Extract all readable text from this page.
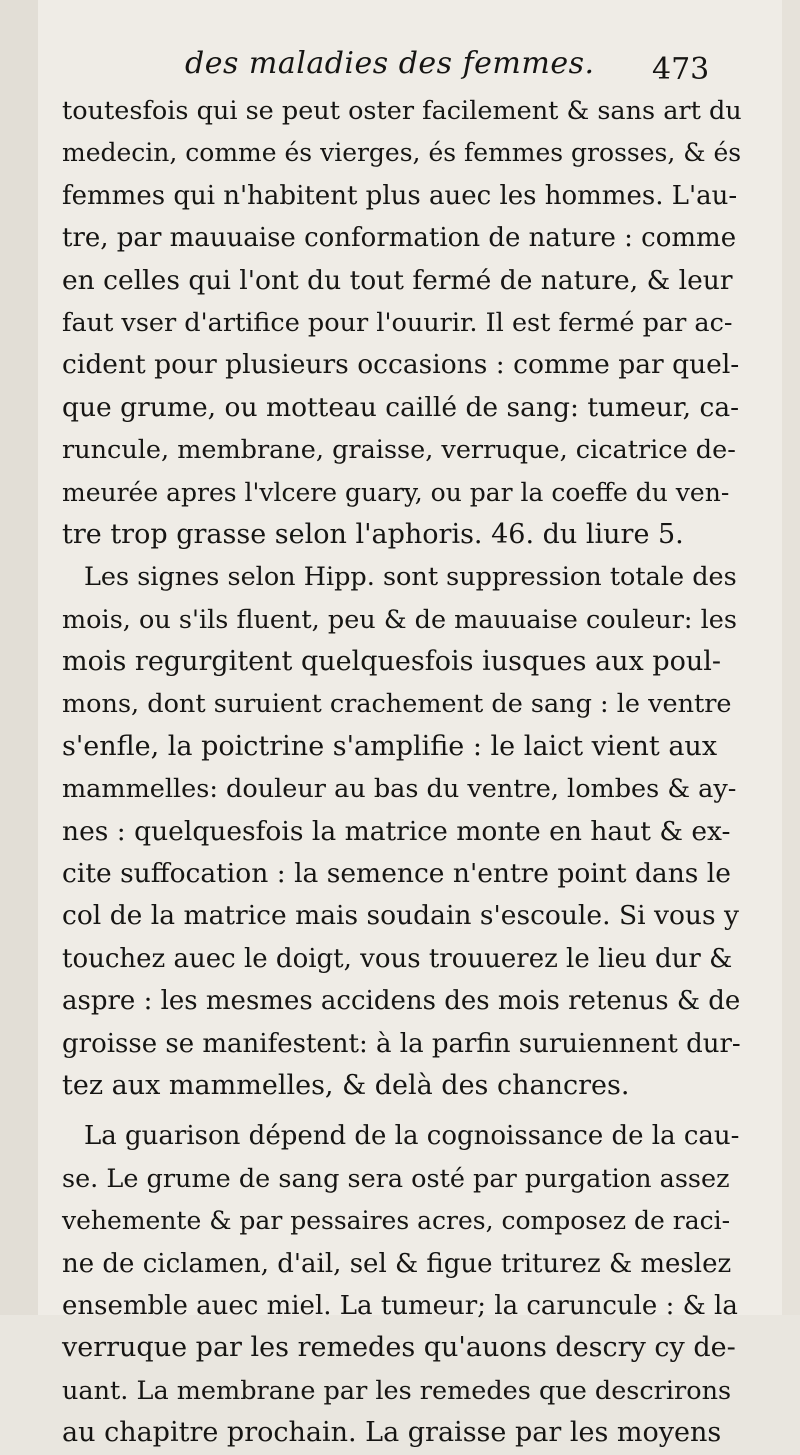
des maladies des femmes. 473
toutesfois qui se peut oster facilement & sans art du
medecin, comme és vierges, és femmes grosses, & és
femmes qui n'habitent plus auec les hommes. L'au-
tre, par mauuaise conformation de nature : comme
en celles qui l'ont du tout fermé de nature, & leur
faut vser d'artifice pour l'ouurir. Il est fermé par ac-
cident pour plusieurs occasions : comme par quel-
que grume, ou motteau caillé de sang: tumeur, ca-
runcule, membrane, graisse, verruque, cicatrice de-
meurée apres l'vlcere guary, ou par la coeffe du ven-
tre trop grasse selon l'aphoris. 46. du liure 5.
Les signes selon Hipp. sont suppression totale des
mois, ou s'ils fluent, peu & de mauuaise couleur: les
mois regurgitent quelquesfois iusques aux poul-
mons, dont suruient crachement de sang : le ventre
s'enfle, la poictrine s'amplifie : le laict vient aux
mammelles: douleur au bas du ventre, lombes & ay-
nes : quelquesfois la matrice monte en haut & ex-
cite suffocation : la semence n'entre point dans le
col de la matrice mais soudain s'escoule. Si vous y
touchez auec le doigt, vous trouuerez le lieu dur &
aspre : les mesmes accidens des mois retenus & de
groisse se manifestent: à la parfin suruiennent dur-
tez aux mammelles, & delà des chancres.
La guarison dépend de la cognoissance de la cau-
se. Le grume de sang sera osté par purgation assez
vehemente & par pessaires acres, composez de raci-
ne de ciclamen, d'ail, sel & figue triturez & meslez
ensemble auec miel. La tumeur; la caruncule : & la
verruque par les remedes qu'auons descry cy de-
uant. La membrane par les remedes que descrirons
au chapitre prochain. La graisse par les moyens
